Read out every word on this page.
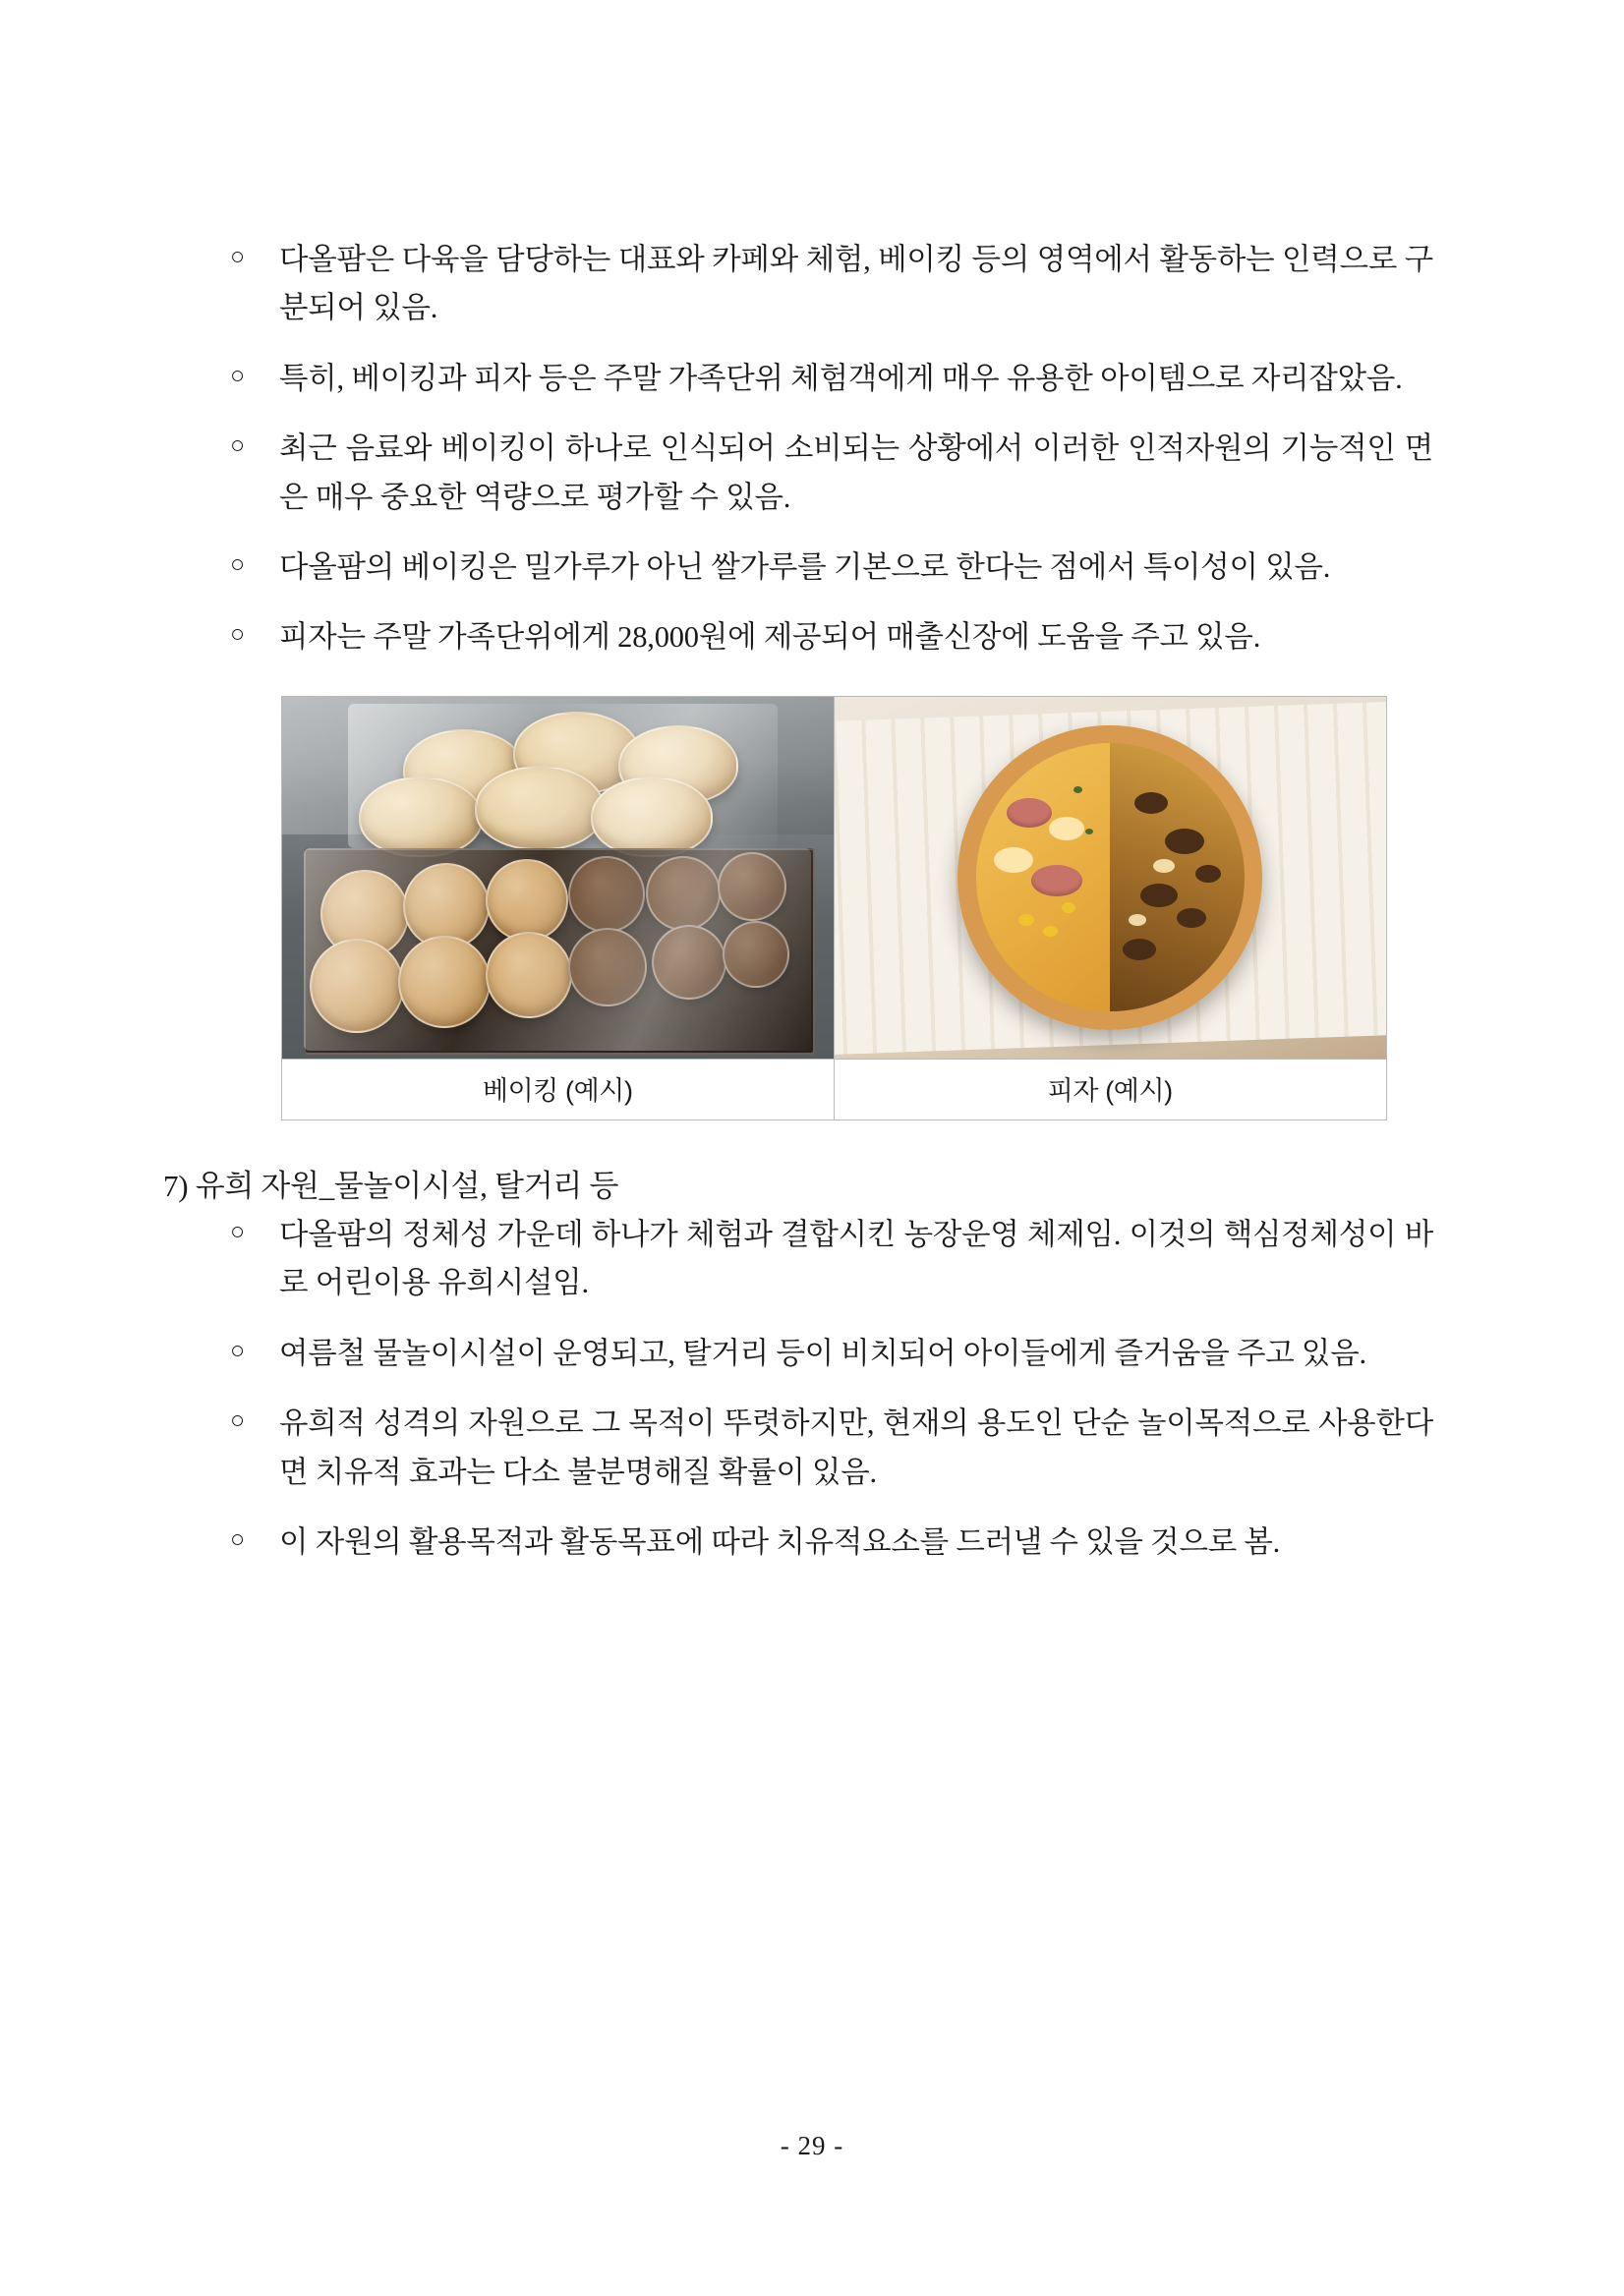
○ 다올팜은 다육을 담당하는 대표와 카페와 체험, 베이킹 등의 영역에서 활동하는 인력으로 구분되어 있음.
○ 특히, 베이킹과 피자 등은 주말 가족단위 체험객에게 매우 유용한 아이템으로 자리잡았음.
○ 최근 음료와 베이킹이 하나로 인식되어 소비되는 상황에서 이러한 인적자원의 기능적인 면은 매우 중요한 역량으로 평가할 수 있음.
○ 다올팜의 베이킹은 밀가루가 아닌 쌀가루를 기본으로 한다는 점에서 특이성이 있음.
○ 피자는 주말 가족단위에게 28,000원에 제공되어 매출신장에 도움을 주고 있음.
베이킹 (예시)	피자 (예시)
7) 유희 자원_물놀이시설, 탈거리 등
○ 다올팜의 정체성 가운데 하나가 체험과 결합시킨 농장운영 체제임. 이것의 핵심정체성이 바로 어린이용 유희시설임.
○ 여름철 물놀이시설이 운영되고, 탈거리 등이 비치되어 아이들에게 즐거움을 주고 있음.
○ 유희적 성격의 자원으로 그 목적이 뚜렷하지만, 현재의 용도인 단순 놀이목적으로 사용한다면 치유적 효과는 다소 불분명해질 확률이 있음.
○ 이 자원의 활용목적과 활동목표에 따라 치유적요소를 드러낼 수 있을 것으로 봄.
- 29 -
